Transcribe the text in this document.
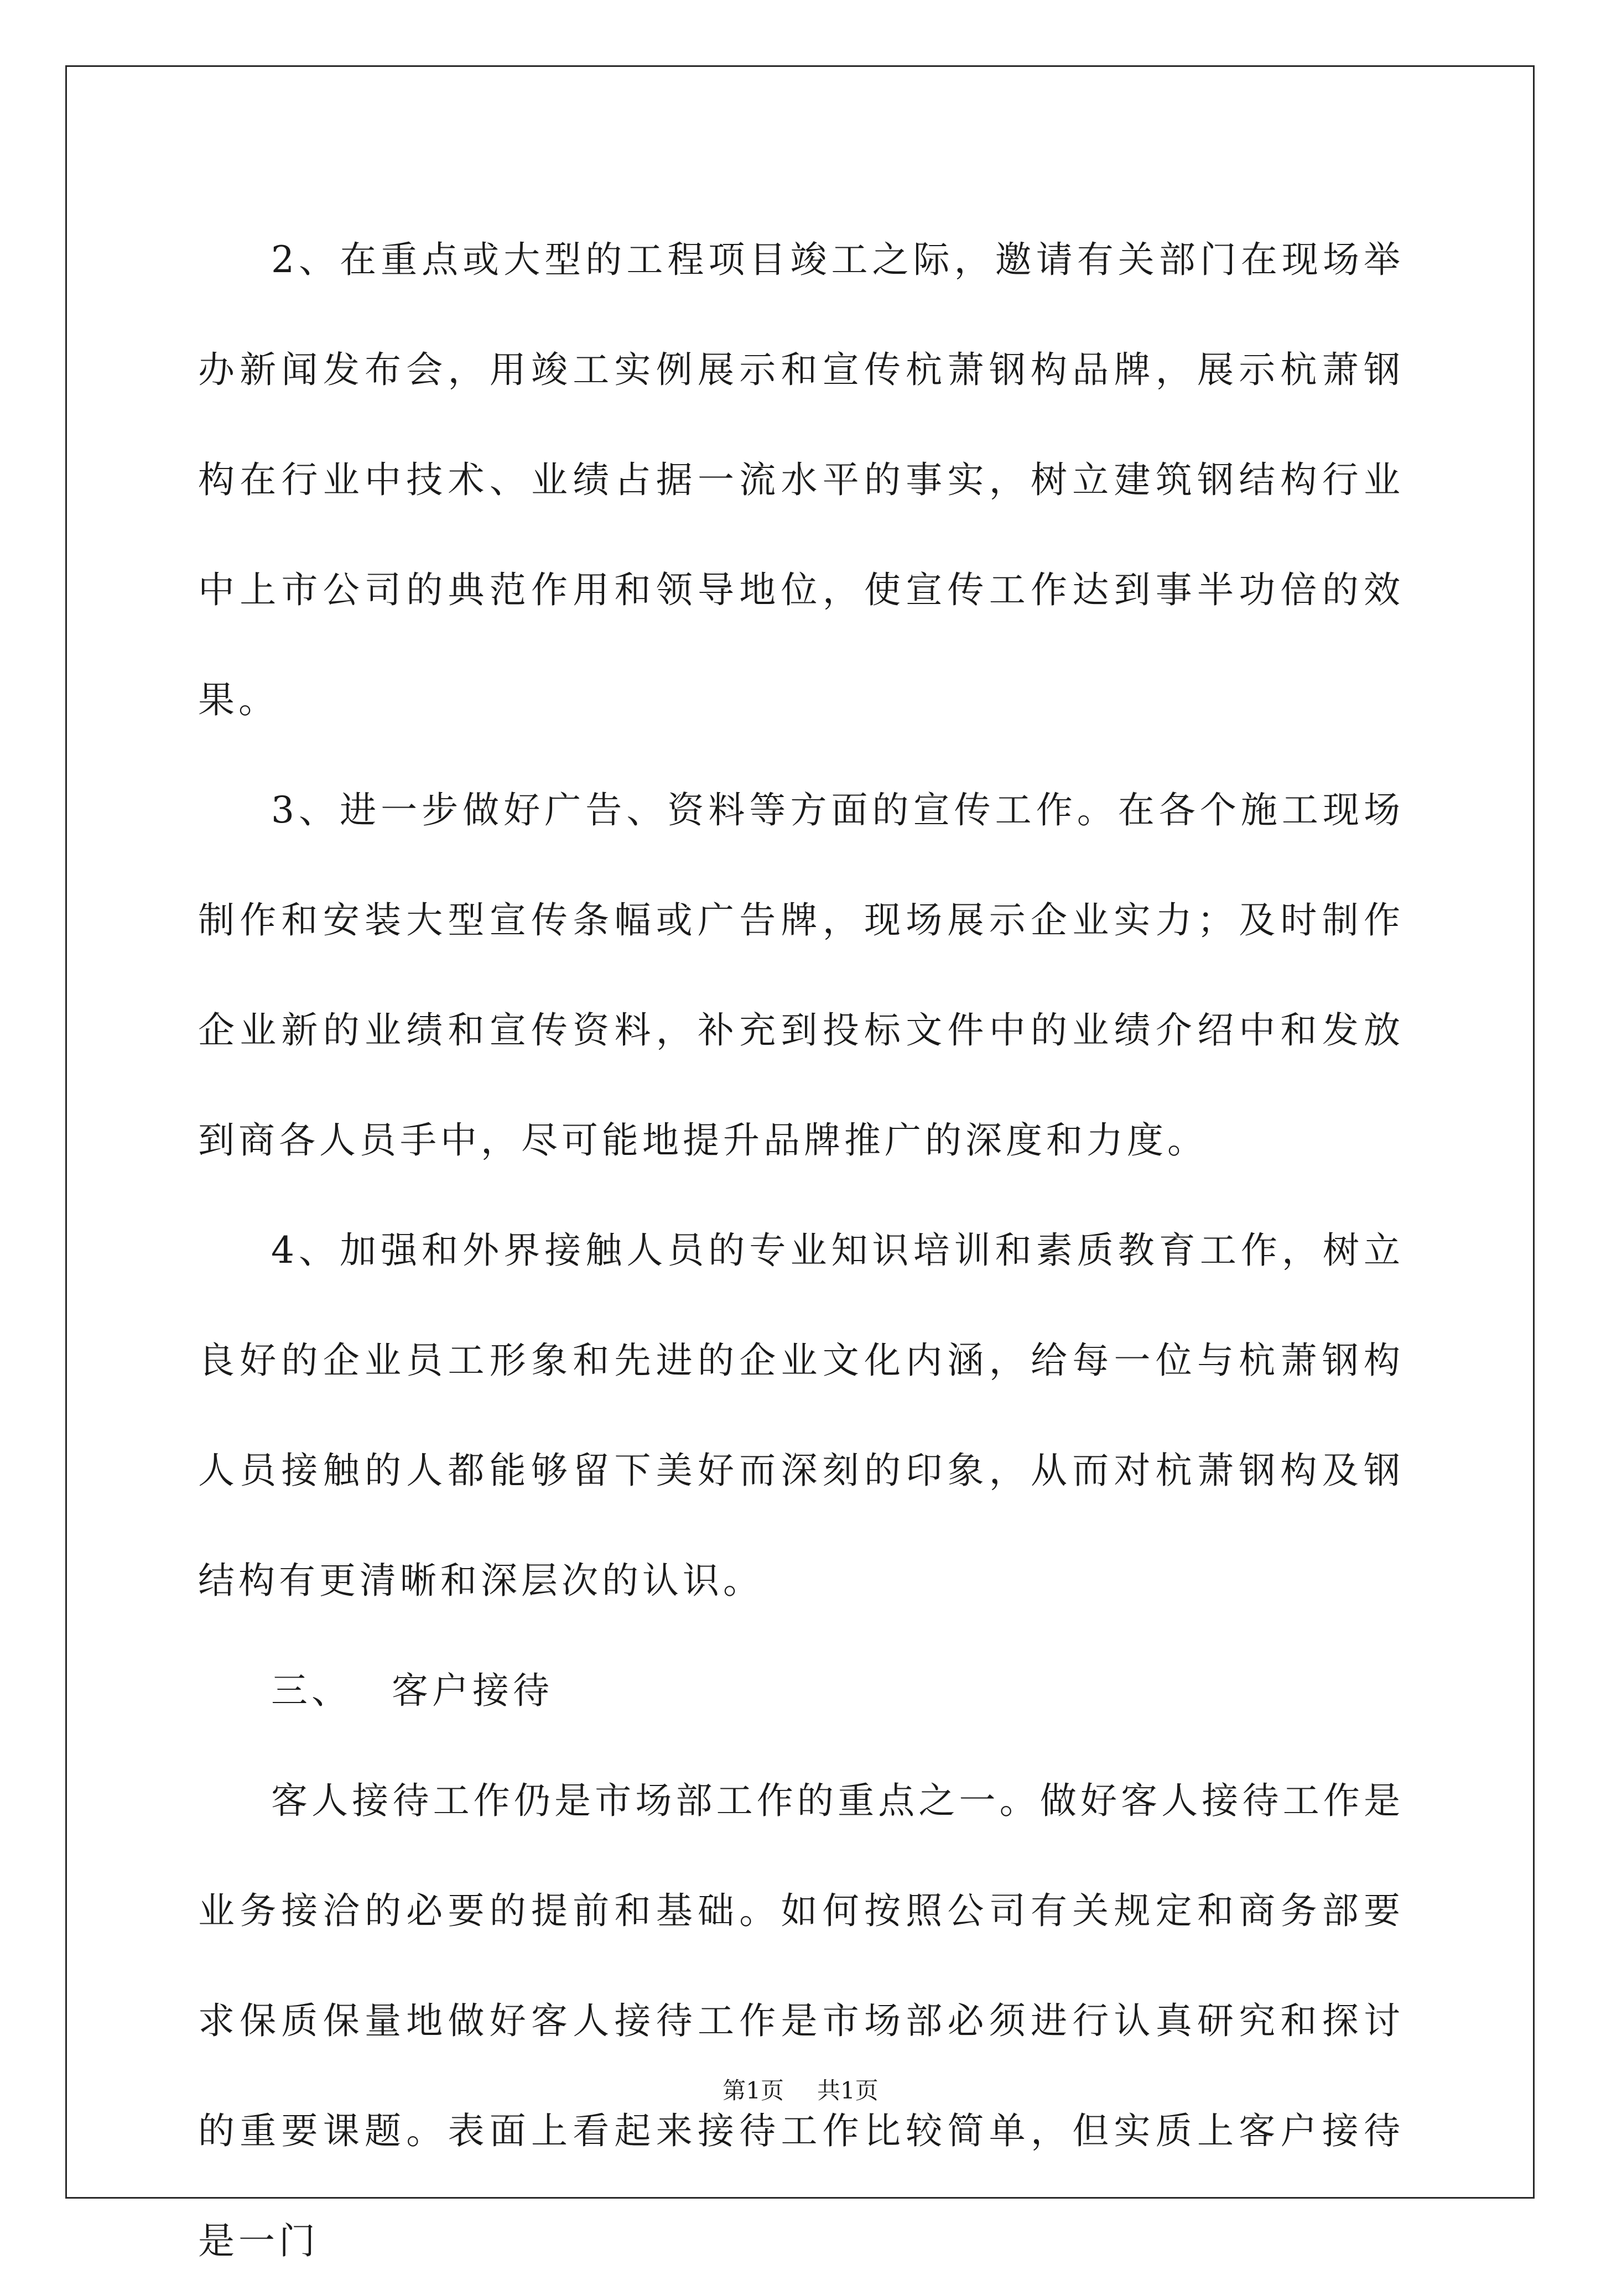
2、在重点或大型的工程项目竣工之际，邀请有关部门在现场举办新闻发布会，用竣工实例展示和宣传杭萧钢构品牌，展示杭萧钢构在行业中技术、业绩占据一流水平的事实，树立建筑钢结构行业中上市公司的典范作用和领导地位，使宣传工作达到事半功倍的效果。

3、进一步做好广告、资料等方面的宣传工作。在各个施工现场制作和安装大型宣传条幅或广告牌，现场展示企业实力；及时制作企业新的业绩和宣传资料，补充到投标文件中的业绩介绍中和发放到商各人员手中，尽可能地提升品牌推广的深度和力度。

4、加强和外界接触人员的专业知识培训和素质教育工作，树立良好的企业员工形象和先进的企业文化内涵，给每一位与杭萧钢构人员接触的人都能够留下美好而深刻的印象，从而对杭萧钢构及钢结构有更清晰和深层次的认识。

三、 客户接待

客人接待工作仍是市场部工作的重点之一。做好客人接待工作是业务接洽的必要的提前和基础。如何按照公司有关规定和商务部要求保质保量地做好客人接待工作是市场部必须进行认真研究和探讨的重要课题。表面上看起来接待工作比较简单，但实质上客户接待是一门

第1页 共1页
